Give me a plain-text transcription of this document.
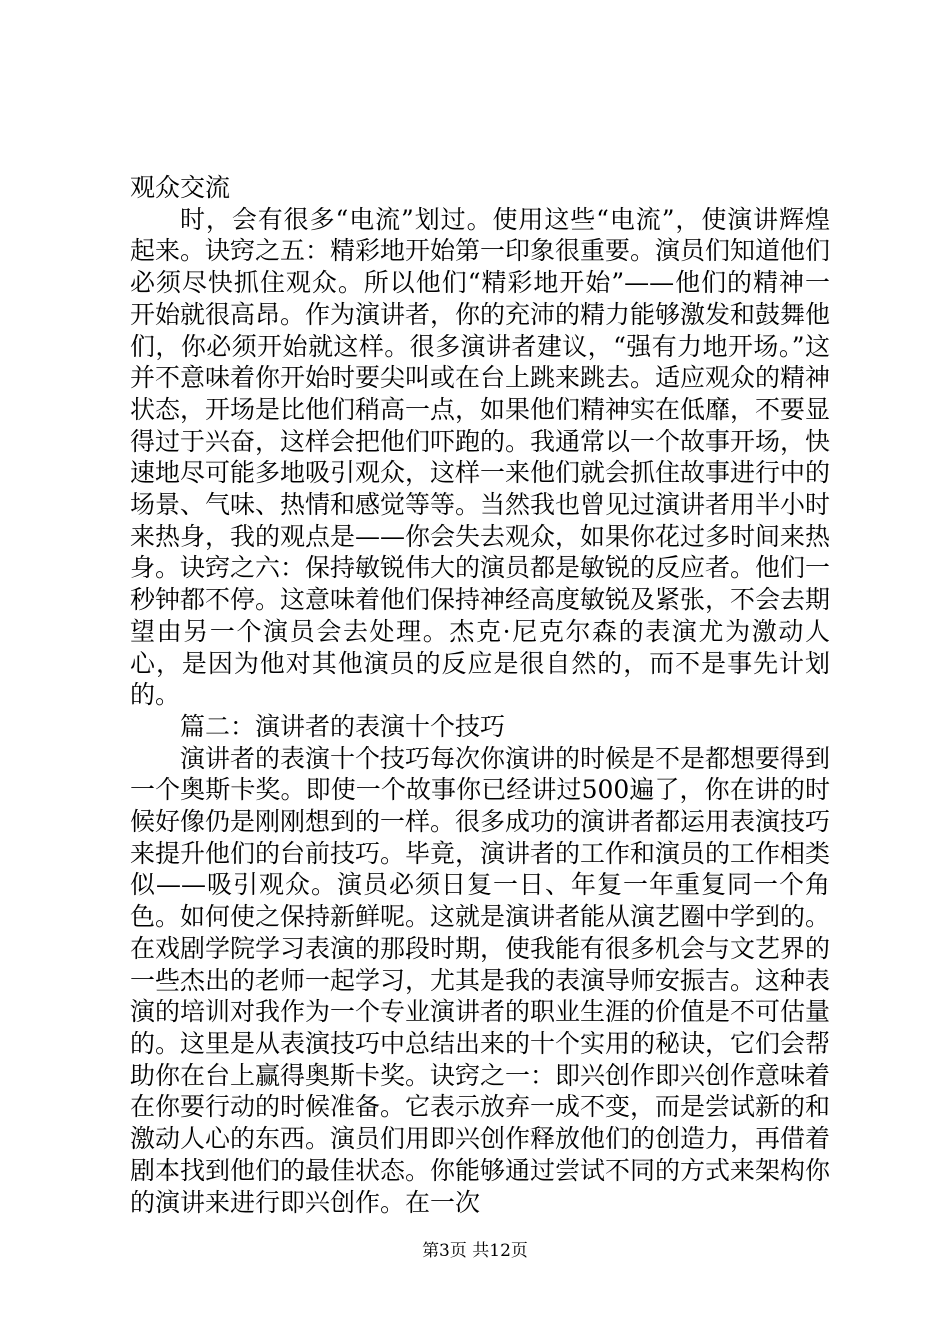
观众交流

时，会有很多“电流”划过。使用这些“电流”，使演讲辉煌起来。诀窍之五：精彩地开始第一印象很重要。演员们知道他们必须尽快抓住观众。所以他们“精彩地开始”——他们的精神一开始就很高昂。作为演讲者，你的充沛的精力能够激发和鼓舞他们，你必须开始就这样。很多演讲者建议，“强有力地开场。”这并不意味着你开始时要尖叫或在台上跳来跳去。适应观众的精神状态，开场是比他们稍高一点，如果他们精神实在低靡，不要显得过于兴奋，这样会把他们吓跑的。我通常以一个故事开场，快速地尽可能多地吸引观众，这样一来他们就会抓住故事进行中的场景、气味、热情和感觉等等。当然我也曾见过演讲者用半小时来热身，我的观点是——你会失去观众，如果你花过多时间来热身。诀窍之六：保持敏锐伟大的演员都是敏锐的反应者。他们一秒钟都不停。这意味着他们保持神经高度敏锐及紧张，不会去期望由另一个演员会去处理。杰克·尼克尔森的表演尤为激动人心，是因为他对其他演员的反应是很自然的，而不是事先计划的。

篇二：演讲者的表演十个技巧

演讲者的表演十个技巧每次你演讲的时候是不是都想要得到一个奥斯卡奖。即使一个故事你已经讲过500遍了，你在讲的时候好像仍是刚刚想到的一样。很多成功的演讲者都运用表演技巧来提升他们的台前技巧。毕竟，演讲者的工作和演员的工作相类似——吸引观众。演员必须日复一日、年复一年重复同一个角色。如何使之保持新鲜呢。这就是演讲者能从演艺圈中学到的。在戏剧学院学习表演的那段时期，使我能有很多机会与文艺界的一些杰出的老师一起学习，尤其是我的表演导师安振吉。这种表演的培训对我作为一个专业演讲者的职业生涯的价值是不可估量的。这里是从表演技巧中总结出来的十个实用的秘诀，它们会帮助你在台上赢得奥斯卡奖。诀窍之一：即兴创作即兴创作意味着在你要行动的时候准备。它表示放弃一成不变，而是尝试新的和激动人心的东西。演员们用即兴创作释放他们的创造力，再借着剧本找到他们的最佳状态。你能够通过尝试不同的方式来架构你的演讲来进行即兴创作。在一次

第3页 共12页
